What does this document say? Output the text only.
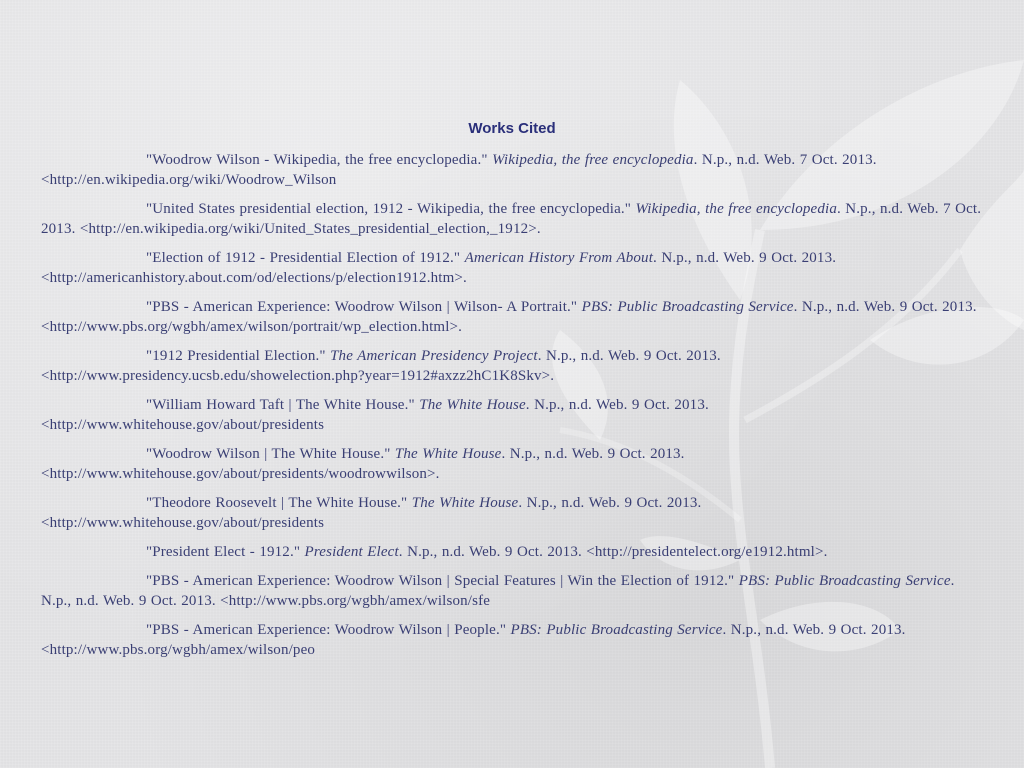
Works Cited

"Woodrow Wilson - Wikipedia, the free encyclopedia." Wikipedia, the free encyclopedia. N.p., n.d. Web. 7 Oct. 2013. <http://en.wikipedia.org/wiki/Woodrow_Wilson

"United States presidential election, 1912 - Wikipedia, the free encyclopedia." Wikipedia, the free encyclopedia. N.p., n.d. Web. 7 Oct. 2013. <http://en.wikipedia.org/wiki/United_States_presidential_election,_1912>.

"Election of 1912 - Presidential Election of 1912." American History From About. N.p., n.d. Web. 9 Oct. 2013. <http://americanhistory.about.com/od/elections/p/election1912.htm>.

"PBS - American Experience: Woodrow Wilson | Wilson- A Portrait." PBS: Public Broadcasting Service. N.p., n.d. Web. 9 Oct. 2013. <http://www.pbs.org/wgbh/amex/wilson/portrait/wp_election.html>.

"1912 Presidential Election." The American Presidency Project. N.p., n.d. Web. 9 Oct. 2013. <http://www.presidency.ucsb.edu/showelection.php?year=1912#axzz2hC1K8Skv>.

"William Howard Taft | The White House." The White House. N.p., n.d. Web. 9 Oct. 2013. <http://www.whitehouse.gov/about/presidents

"Woodrow Wilson | The White House." The White House. N.p., n.d. Web. 9 Oct. 2013. <http://www.whitehouse.gov/about/presidents/woodrowwilson>.

"Theodore Roosevelt | The White House." The White House. N.p., n.d. Web. 9 Oct. 2013. <http://www.whitehouse.gov/about/presidents

"President Elect - 1912." President Elect. N.p., n.d. Web. 9 Oct. 2013. <http://presidentelect.org/e1912.html>.

"PBS - American Experience: Woodrow Wilson | Special Features | Win the Election of 1912." PBS: Public Broadcasting Service. N.p., n.d. Web. 9 Oct. 2013. <http://www.pbs.org/wgbh/amex/wilson/sfe

"PBS - American Experience: Woodrow Wilson | People." PBS: Public Broadcasting Service. N.p., n.d. Web. 9 Oct. 2013. <http://www.pbs.org/wgbh/amex/wilson/peo
